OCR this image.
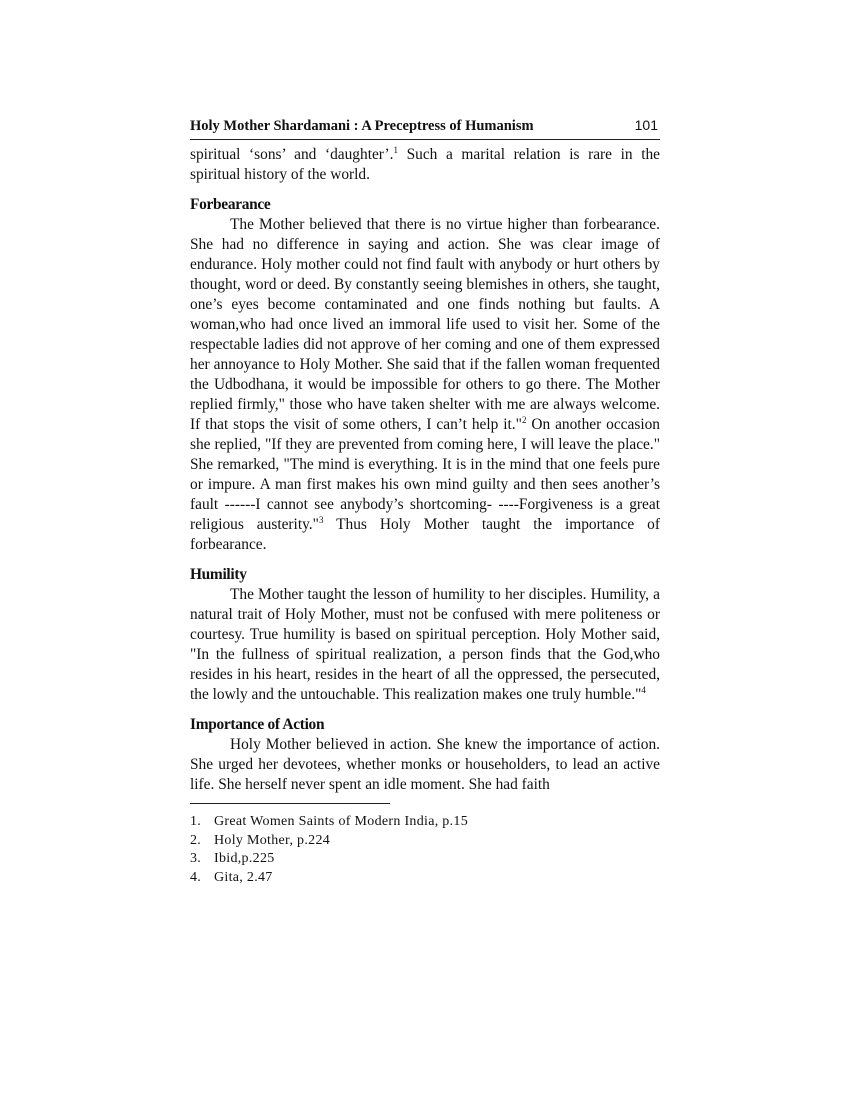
Holy Mother Shardamani : A Preceptress of Humanism	101

spiritual ‘sons’ and ‘daughter’.$^1$ Such a marital relation is rare in the spiritual history of the world.

Forbearance

The Mother believed that there is no virtue higher than forbearance. She had no difference in saying and action. She was clear image of endurance. Holy mother could not find fault with anybody or hurt others by thought, word or deed. By constantly seeing blemishes in others, she taught, one’s eyes become contaminated and one finds nothing but faults. A woman,who had once lived an immoral life used to visit her. Some of the respectable ladies did not approve of her coming and one of them expressed her annoyance to Holy Mother. She said that if the fallen woman frequented the Udbodhana, it would be impossible for others to go there. The Mother replied firmly," those who have taken shelter with me are always welcome. If that stops the visit of some others, I can’t help it."$^2$ On another occasion she replied, "If they are prevented from coming here, I will leave the place." She remarked, "The mind is everything. It is in the mind that one feels pure or impure. A man first makes his own mind guilty and then sees another’s fault ------I cannot see anybody’s shortcoming- ----Forgiveness is a great religious austerity."$^3$ Thus Holy Mother taught the importance of forbearance.

Humility

The Mother taught the lesson of humility to her disciples. Humility, a natural trait of Holy Mother, must not be confused with mere politeness or courtesy. True humility is based on spiritual perception. Holy Mother said, "In the fullness of spiritual realization, a person finds that the God,who resides in his heart, resides in the heart of all the oppressed, the persecuted, the lowly and the untouchable. This realization makes one truly humble."$^4$

Importance of Action

Holy Mother believed in action. She knew the importance of action. She urged her devotees, whether monks or householders, to lead an active life. She herself never spent an idle moment. She had faith

1. Great Women Saints of Modern India, p.15
2. Holy Mother, p.224
3. Ibid,p.225
4. Gita, 2.47
